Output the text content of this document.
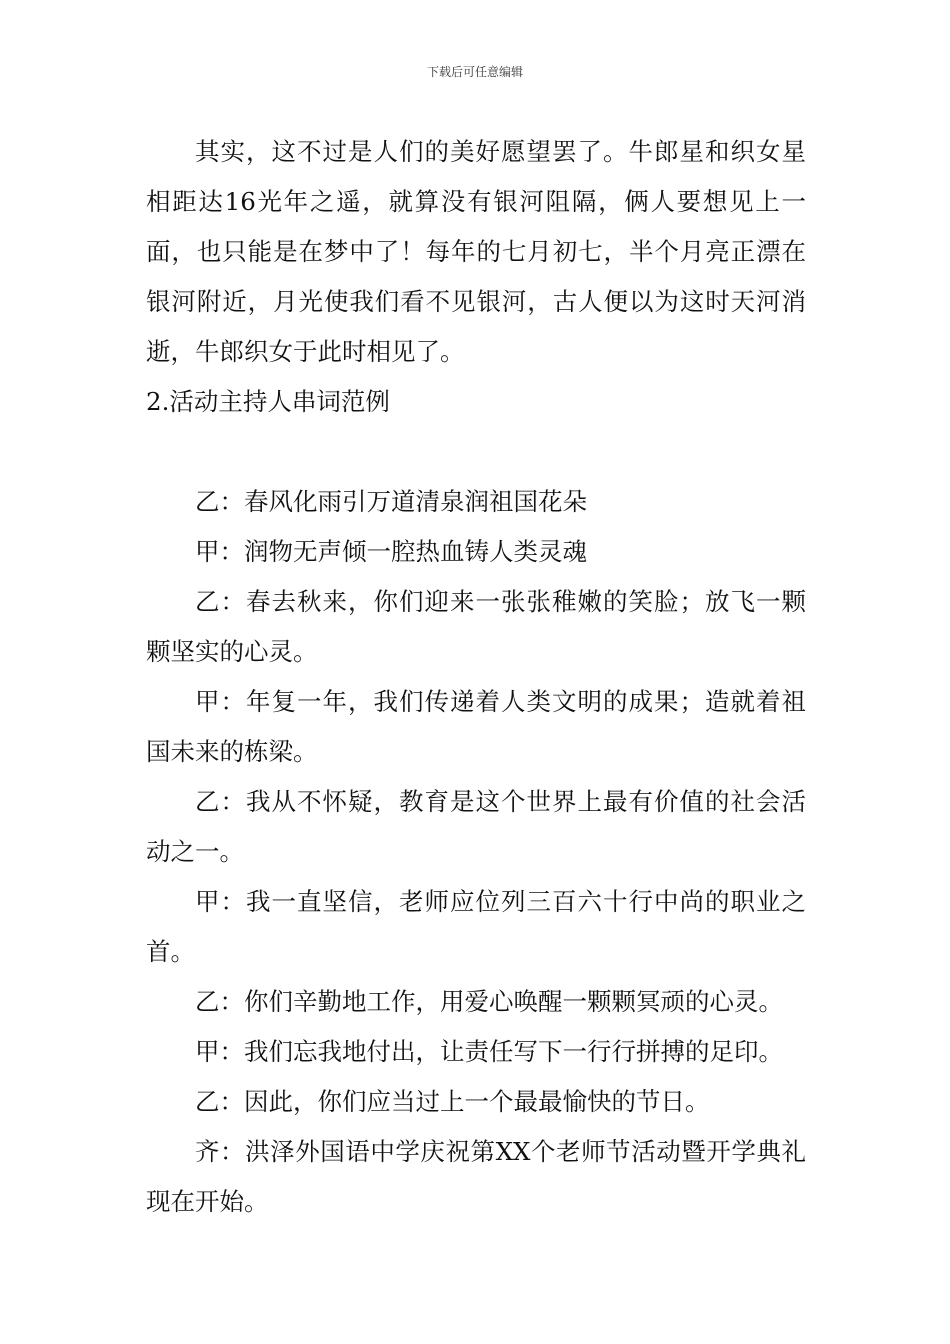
下载后可任意编辑

其实，这不过是人们的美好愿望罢了。牛郎星和织女星相距达16光年之遥，就算没有银河阻隔，俩人要想见上一面，也只能是在梦中了！每年的七月初七，半个月亮正漂在银河附近，月光使我们看不见银河，古人便以为这时天河消逝，牛郎织女于此时相见了。

2.活动主持人串词范例

乙：春风化雨引万道清泉润祖国花朵

甲：润物无声倾一腔热血铸人类灵魂

乙：春去秋来，你们迎来一张张稚嫩的笑脸；放飞一颗颗坚实的心灵。

甲：年复一年，我们传递着人类文明的成果；造就着祖国未来的栋梁。

乙：我从不怀疑，教育是这个世界上最有价值的社会活动之一。

甲：我一直坚信，老师应位列三百六十行中尚的职业之首。

乙：你们辛勤地工作，用爱心唤醒一颗颗冥顽的心灵。

甲：我们忘我地付出，让责任写下一行行拼搏的足印。

乙：因此，你们应当过上一个最最愉快的节日。

齐：洪泽外国语中学庆祝第XX个老师节活动暨开学典礼现在开始。
